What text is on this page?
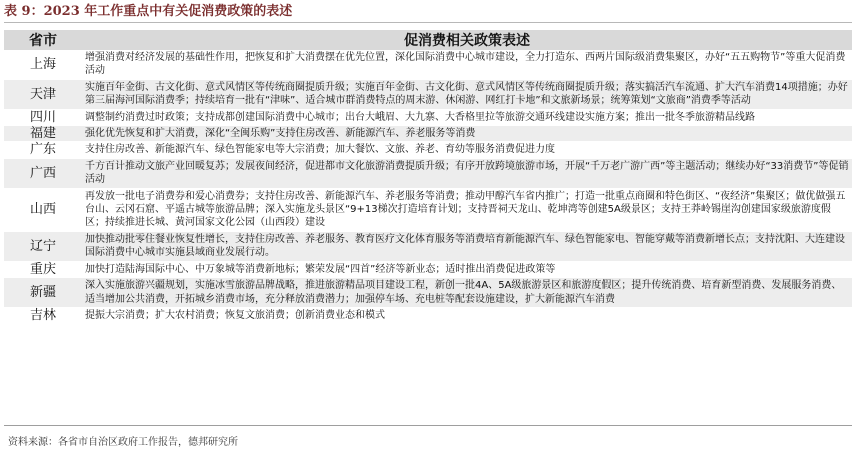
表 9：2023 年工作重点中有关促消费政策的表述
省市	促消费相关政策表述
上海	增强消费对经济发展的基础性作用，把恢复和扩大消费摆在优先位置，深化国际消费中心城市建设，全力打造东、西两片国际级消费集聚区，办好“五五购物节”等重大促消费活动
天津	实施百年金街、古文化街、意式风情区等传统商圈提质升级；实施百年金街、古文化街、意式风情区等传统商圈提质升级；落实搞活汽车流通、扩大汽车消费14项措施；办好第三届海河国际消费季；持续培育一批有“津味”、适合城市群消费特点的周末游、休闲游、网红打卡地”和文旅新场景；统筹策划“文旅商”消费季等活动
四川	调整制约消费过时政策；支持成都创建国际消费中心城市；出台大峨眉、大九寨、大香格里拉等旅游交通环线建设实施方案；推出一批冬季旅游精品线路
福建	强化优先恢复和扩大消费，深化“全闽乐购”支持住房改善、新能源汽车、养老服务等消费
广东	支持住房改善、新能源汽车、绿色智能家电等大宗消费；加大餐饮、文旅、养老、育幼等服务消费促进力度
广西	千方百计推动文旅产业回暖复苏；发展夜间经济，促进都市文化旅游消费提质升级；有序开放跨境旅游市场，开展“千万老广游广西”等主题活动；继续办好“33消费节”等促销活动
山西	再发放一批电子消费券和爱心消费券；支持住房改善、新能源汽车、养老服务等消费；推动甲醇汽车省内推广；打造一批重点商圈和特色街区、“夜经济”集聚区；做优做强五台山、云冈石窟、平遥古城等旅游品牌；深入实施龙头景区“9+13梯次打造培育计划；支持晋祠天龙山、乾坤湾等创建5A级景区；支持王莽岭锡崖沟创建国家级旅游度假区；持续推进长城、黄河国家文化公园（山西段）建设
辽宁	加快推动批零住餐业恢复性增长，支持住房改善、养老服务、教育医疗文化体育服务等消费培育新能源汽车、绿色智能家电、智能穿戴等消费新增长点；支持沈阳、大连建设国际消费中心城市实施县域商业发展行动。
重庆	加快打造陆海国际中心、中万象城等消费新地标；繁荣发展“四首”经济等新业态；适时推出消费促进政策等
新疆	深入实施旅游兴疆规划，实施冰雪旅游品牌战略，推进旅游精品项目建设工程，新创一批4A、5A级旅游景区和旅游度假区；提升传统消费、培育新型消费、发展服务消费、适当增加公共消费，开拓城乡消费市场，充分释放消费潜力；加强停车场、充电桩等配套设施建设，扩大新能源汽车消费
吉林	提振大宗消费；扩大农村消费；恢复文旅消费；创新消费业态和模式
资料来源：各省市自治区政府工作报告，德邦研究所
